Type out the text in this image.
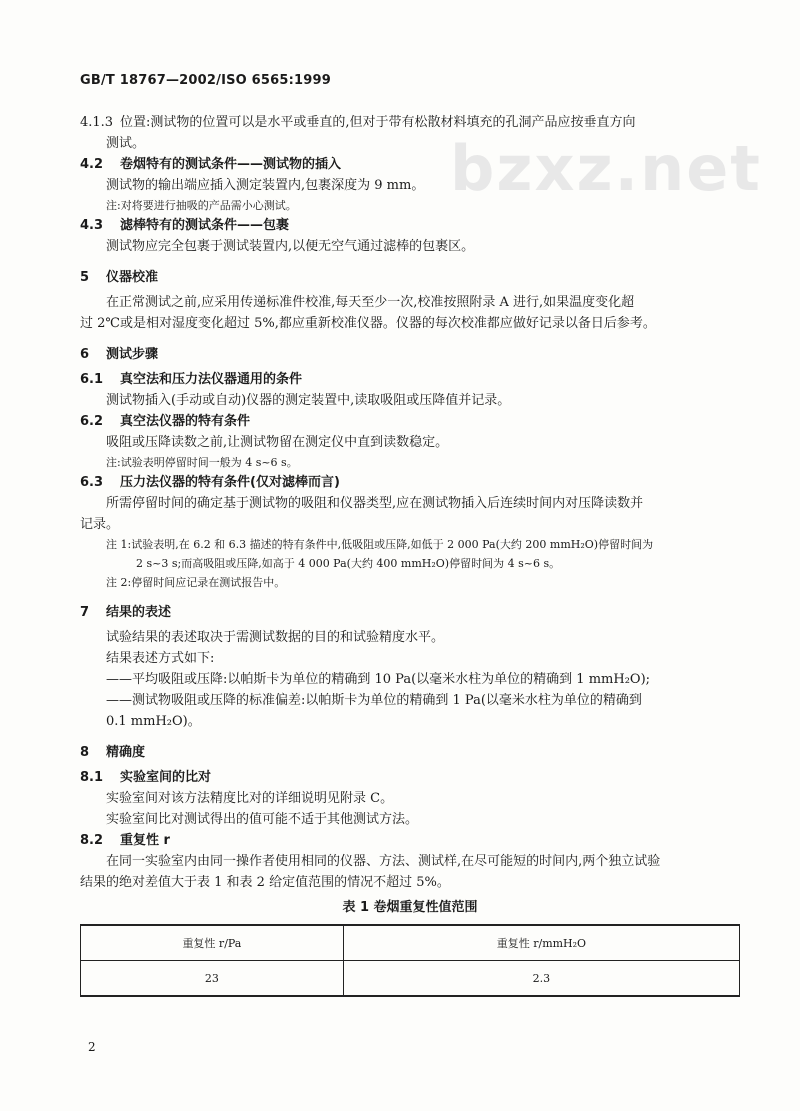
GB/T 18767—2002/ISO 6565:1999
bzxz.net
4.1.3 位置:测试物的位置可以是水平或垂直的,但对于带有松散材料填充的孔洞产品应按垂直方向
测试。
4.2	卷烟特有的测试条件——测试物的插入
测试物的输出端应插入测定装置内,包裹深度为 9 mm。
注:对将要进行抽吸的产品需小心测试。
4.3	滤棒特有的测试条件——包裹
测试物应完全包裹于测试装置内,以便无空气通过滤棒的包裹区。
5	仪器校准
在正常测试之前,应采用传递标准件校准,每天至少一次,校准按照附录 A 进行,如果温度变化超
过 2℃或是相对湿度变化超过 5%,都应重新校准仪器。仪器的每次校准都应做好记录以备日后参考。
6	测试步骤
6.1	真空法和压力法仪器通用的条件
测试物插入(手动或自动)仪器的测定装置中,读取吸阻或压降值并记录。
6.2	真空法仪器的特有条件
吸阻或压降读数之前,让测试物留在测定仪中直到读数稳定。
注:试验表明停留时间一般为 4 s~6 s。
6.3	压力法仪器的特有条件(仅对滤棒而言)
所需停留时间的确定基于测试物的吸阻和仪器类型,应在测试物插入后连续时间内对压降读数并
记录。
注 1:试验表明,在 6.2 和 6.3 描述的特有条件中,低吸阻或压降,如低于 2 000 Pa(大约 200 mmH₂O)停留时间为
2 s~3 s;而高吸阻或压降,如高于 4 000 Pa(大约 400 mmH₂O)停留时间为 4 s~6 s。
注 2:停留时间应记录在测试报告中。
7	结果的表述
试验结果的表述取决于需测试数据的目的和试验精度水平。
结果表述方式如下:
——平均吸阻或压降:以帕斯卡为单位的精确到 10 Pa(以毫米水柱为单位的精确到 1 mmH₂O);
——测试物吸阻或压降的标准偏差:以帕斯卡为单位的精确到 1 Pa(以毫米水柱为单位的精确到
0.1 mmH₂O)。
8	精确度
8.1	实验室间的比对
实验室间对该方法精度比对的详细说明见附录 C。
实验室间比对测试得出的值可能不适于其他测试方法。
8.2	重复性 r
在同一实验室内由同一操作者使用相同的仪器、方法、测试样,在尽可能短的时间内,两个独立试验
结果的绝对差值大于表 1 和表 2 给定值范围的情况不超过 5%。
表 1 卷烟重复性值范围
重复性 r/Pa	重复性 r/mmH₂O
23	2.3
2
